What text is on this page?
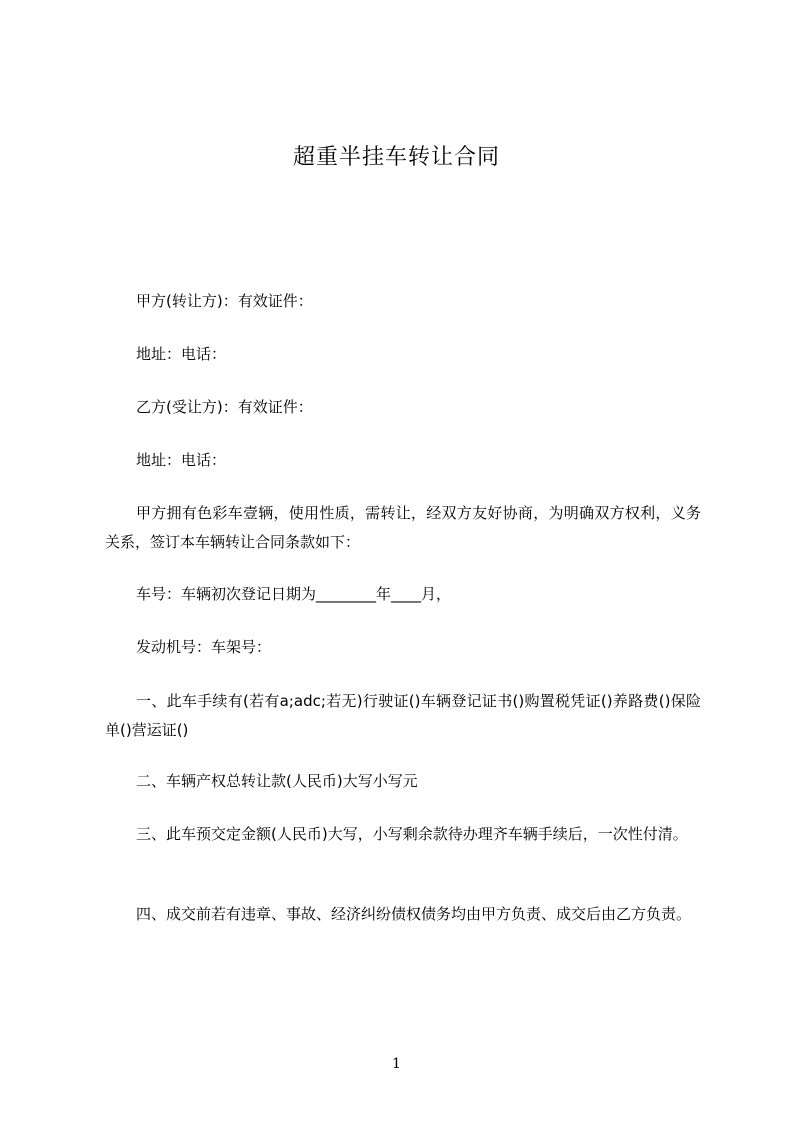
超重半挂车转让合同
甲方(转让方)：有效证件：
地址：电话：
乙方(受让方)：有效证件：
地址：电话：
甲方拥有色彩车壹辆，使用性质，需转让，经双方友好协商，为明确双方权利，义务关系，签订本车辆转让合同条款如下：
车号：车辆初次登记日期为________年____月，
发动机号：车架号：
一、此车手续有(若有a;adc;若无)行驶证()车辆登记证书()购置税凭证()养路费()保险单()营运证()
二、车辆产权总转让款(人民币)大写小写元
三、此车预交定金额(人民币)大写，小写剩余款待办理齐车辆手续后，一次性付清。
四、成交前若有违章、事故、经济纠纷债权债务均由甲方负责、成交后由乙方负责。
1
